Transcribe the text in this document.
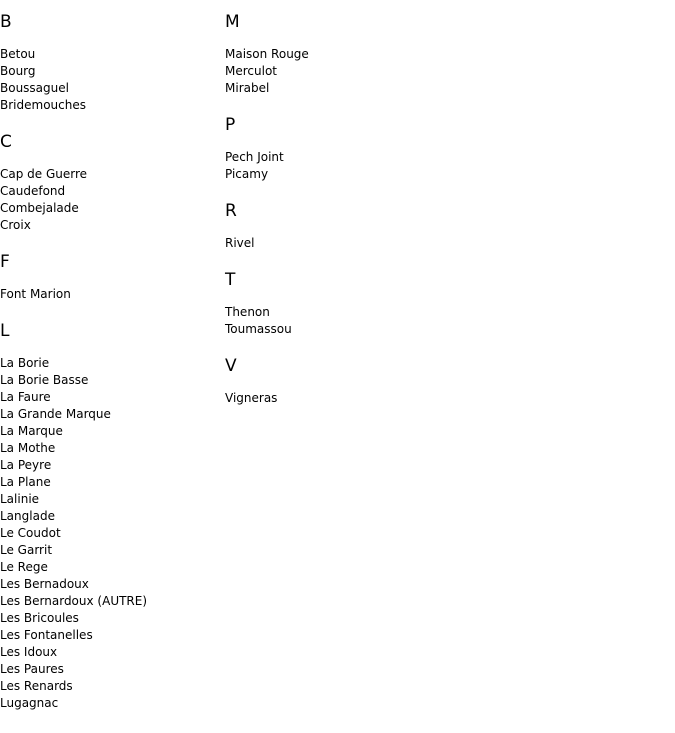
B
Betou
Bourg
Boussaguel
Bridemouches
C
Cap de Guerre
Caudefond
Combejalade
Croix
F
Font Marion
L
La Borie
La Borie Basse
La Faure
La Grande Marque
La Marque
La Mothe
La Peyre
La Plane
Lalinie
Langlade
Le Coudot
Le Garrit
Le Rege
Les Bernadoux
Les Bernardoux (AUTRE)
Les Bricoules
Les Fontanelles
Les Idoux
Les Paures
Les Renards
Lugagnac
M
Maison Rouge
Merculot
Mirabel
P
Pech Joint
Picamy
R
Rivel
T
Thenon
Toumassou
V
Vigneras
